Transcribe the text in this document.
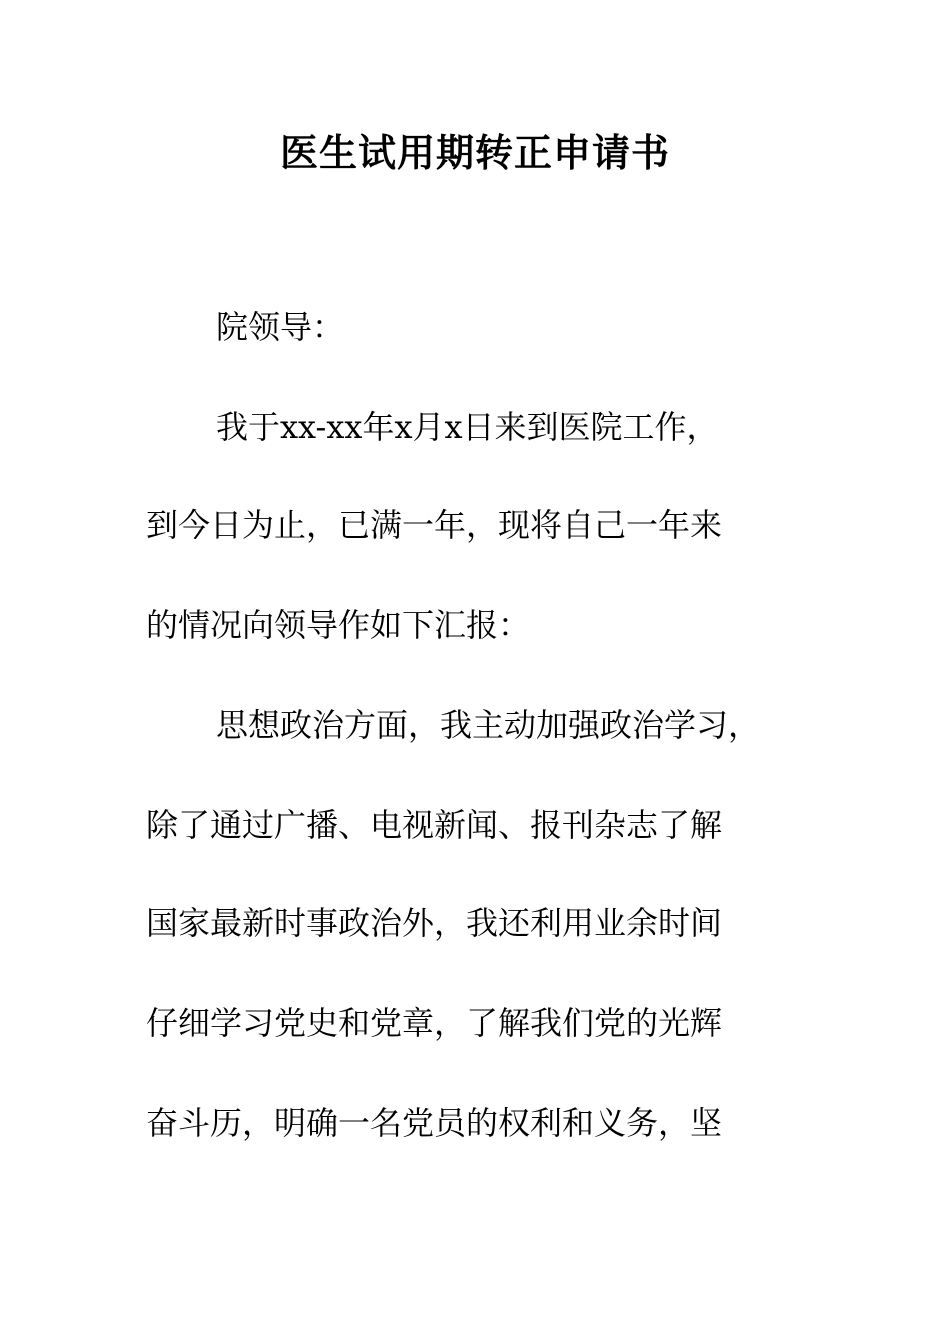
医生试用期转正申请书

院领导：

我于xx-xx年x月x日来到医院工作，

到今日为止，已满一年，现将自己一年来

的情况向领导作如下汇报：

思想政治方面，我主动加强政治学习，

除了通过广播、电视新闻、报刊杂志了解

国家最新时事政治外，我还利用业余时间

仔细学习党史和党章，了解我们党的光辉

奋斗历，明确一名党员的权利和义务，坚
